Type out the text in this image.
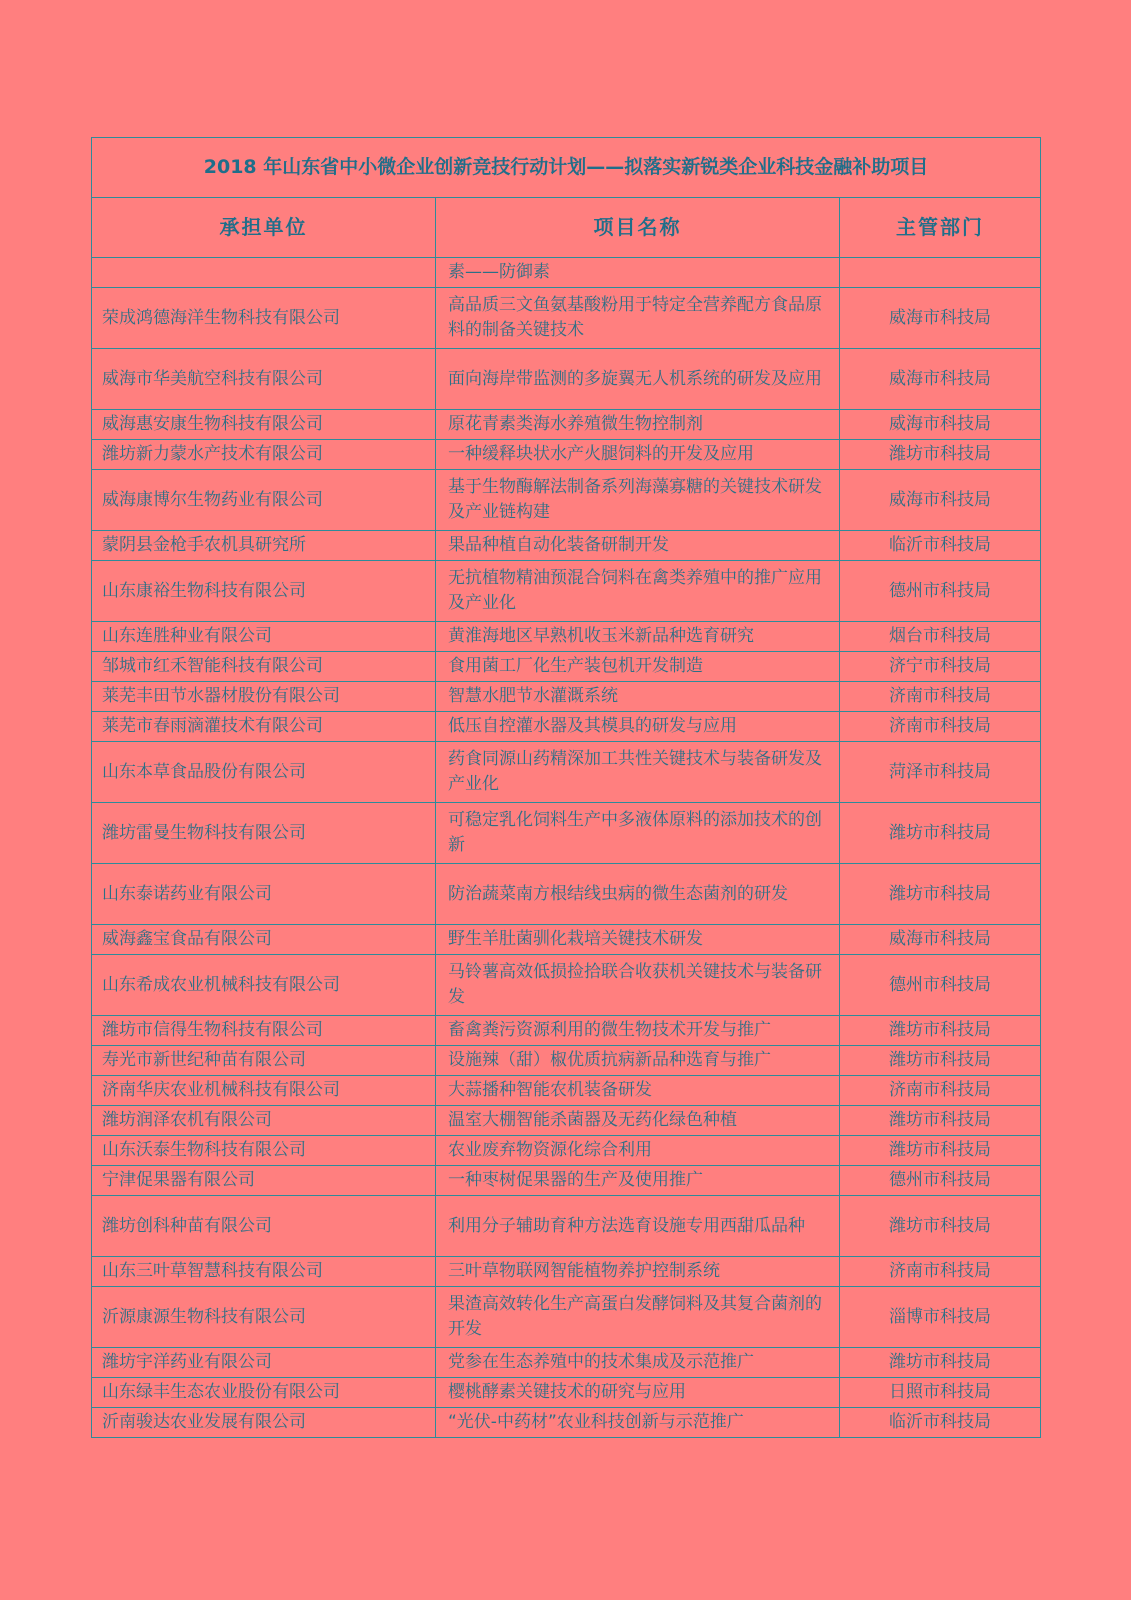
2018 年山东省中小微企业创新竞技行动计划——拟落实新锐类企业科技金融补助项目		
承担单位	项目名称	主管部门
	素——防御素	
荣成鸿德海洋生物科技有限公司	高品质三文鱼氨基酸粉用于特定全营养配方食品原料的制备关键技术	威海市科技局
威海市华美航空科技有限公司	面向海岸带监测的多旋翼无人机系统的研发及应用	威海市科技局
威海惠安康生物科技有限公司	原花青素类海水养殖微生物控制剂	威海市科技局
潍坊新力蒙水产技术有限公司	一种缓释块状水产火腿饲料的开发及应用	潍坊市科技局
威海康博尔生物药业有限公司	基于生物酶解法制备系列海藻寡糖的关键技术研发及产业链构建	威海市科技局
蒙阴县金枪手农机具研究所	果品种植自动化装备研制开发	临沂市科技局
山东康裕生物科技有限公司	无抗植物精油预混合饲料在禽类养殖中的推广应用及产业化	德州市科技局
山东连胜种业有限公司	黄淮海地区早熟机收玉米新品种选育研究	烟台市科技局
邹城市红禾智能科技有限公司	食用菌工厂化生产装包机开发制造	济宁市科技局
莱芜丰田节水器材股份有限公司	智慧水肥节水灌溉系统	济南市科技局
莱芜市春雨滴灌技术有限公司	低压自控灌水器及其模具的研发与应用	济南市科技局
山东本草食品股份有限公司	药食同源山药精深加工共性关键技术与装备研发及产业化	菏泽市科技局
潍坊雷曼生物科技有限公司	可稳定乳化饲料生产中多液体原料的添加技术的创新	潍坊市科技局
山东泰诺药业有限公司	防治蔬菜南方根结线虫病的微生态菌剂的研发	潍坊市科技局
威海鑫宝食品有限公司	野生羊肚菌驯化栽培关键技术研发	威海市科技局
山东希成农业机械科技有限公司	马铃薯高效低损捡拾联合收获机关键技术与装备研发	德州市科技局
潍坊市信得生物科技有限公司	畜禽粪污资源利用的微生物技术开发与推广	潍坊市科技局
寿光市新世纪种苗有限公司	设施辣（甜）椒优质抗病新品种选育与推广	潍坊市科技局
济南华庆农业机械科技有限公司	大蒜播种智能农机装备研发	济南市科技局
潍坊润泽农机有限公司	温室大棚智能杀菌器及无药化绿色种植	潍坊市科技局
山东沃泰生物科技有限公司	农业废弃物资源化综合利用	潍坊市科技局
宁津促果器有限公司	一种枣树促果器的生产及使用推广	德州市科技局
潍坊创科种苗有限公司	利用分子辅助育种方法选育设施专用西甜瓜品种	潍坊市科技局
山东三叶草智慧科技有限公司	三叶草物联网智能植物养护控制系统	济南市科技局
沂源康源生物科技有限公司	果渣高效转化生产高蛋白发酵饲料及其复合菌剂的开发	淄博市科技局
潍坊宇洋药业有限公司	党参在生态养殖中的技术集成及示范推广	潍坊市科技局
山东绿丰生态农业股份有限公司	樱桃酵素关键技术的研究与应用	日照市科技局
沂南骏达农业发展有限公司	“光伏-中药材”农业科技创新与示范推广	临沂市科技局
